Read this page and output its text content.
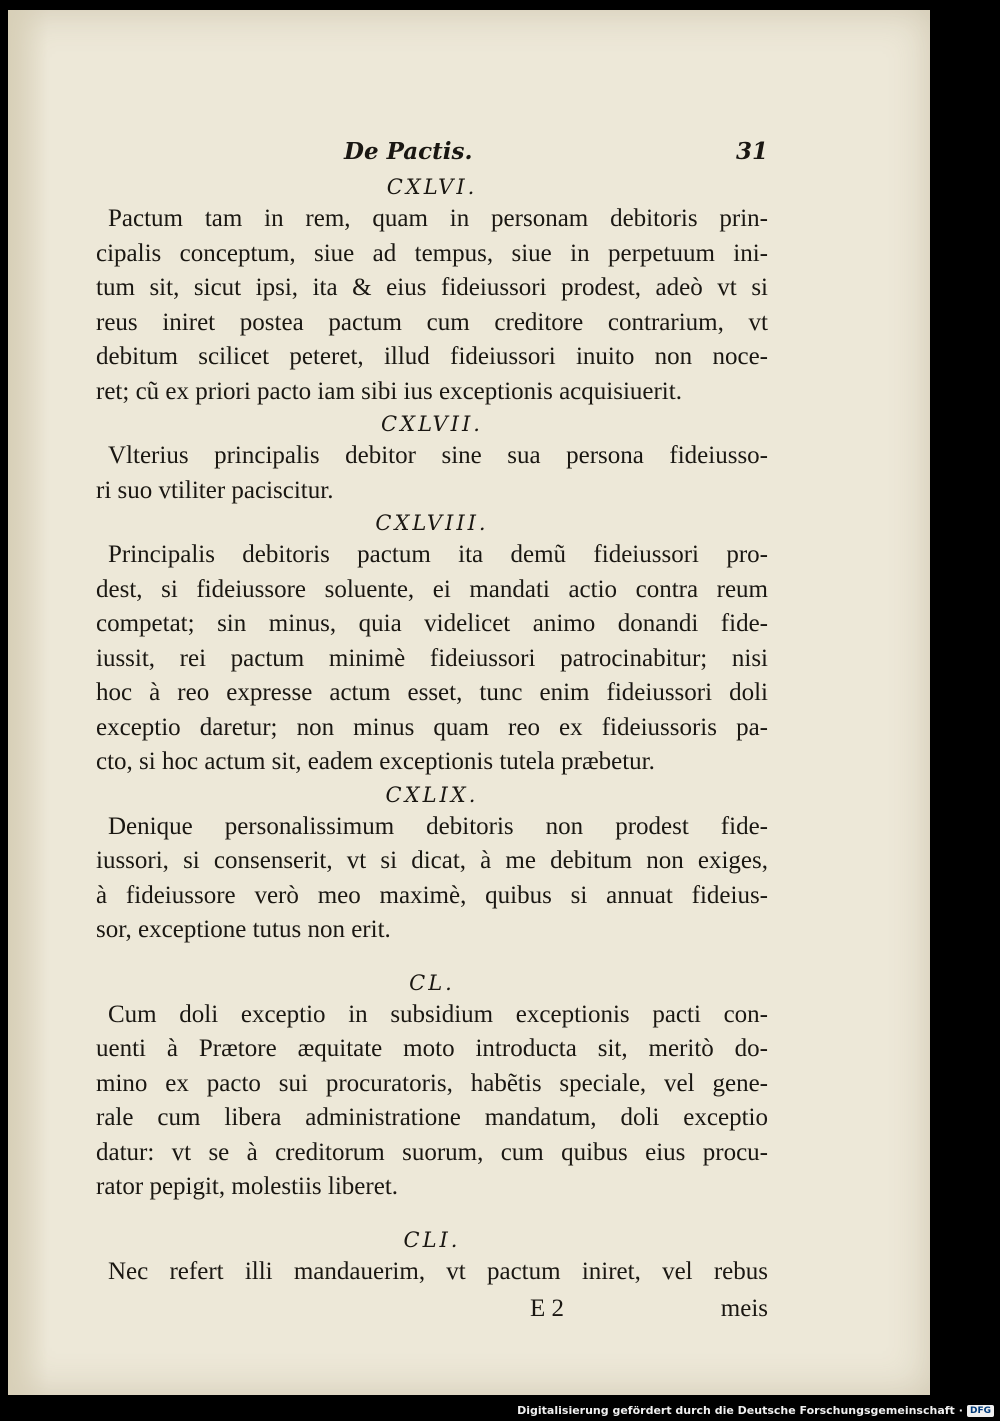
De Pactis.	31

CXLVI.

Pactum tam in rem, quam in personam debitoris prin-
cipalis conceptum, siue ad tempus, siue in perpetuum ini-
tum sit, sicut ipsi, ita & eius fideiussori prodest, adeò vt si
reus iniret postea pactum cum creditore contrarium, vt
debitum scilicet peteret, illud fideiussori inuito non noce-
ret; cũ ex priori pacto iam sibi ius exceptionis acquisiuerit.

CXLVII.

Vlterius principalis debitor sine sua persona fideiusso-
ri suo vtiliter paciscitur.

CXLVIII.

Principalis debitoris pactum ita demũ fideiussori pro-
dest, si fideiussore soluente, ei mandati actio contra reum
competat; sin minus, quia videlicet animo donandi fide-
iussit, rei pactum minimè fideiussori patrocinabitur; nisi
hoc à reo expresse actum esset, tunc enim fideiussori doli
exceptio daretur; non minus quam reo ex fideiussoris pa-
cto, si hoc actum sit, eadem exceptionis tutela præbetur.

CXLIX.

Denique personalissimum debitoris non prodest fide-
iussori, si consenserit, vt si dicat, à me debitum non exiges,
à fideiussore verò meo maximè, quibus si annuat fideius-
sor, exceptione tutus non erit.

CL.

Cum doli exceptio in subsidium exceptionis pacti con-
uenti à Prætore æquitate moto introducta sit, meritò do-
mino ex pacto sui procuratoris, habẽtis speciale, vel gene-
rale cum libera administratione mandatum, doli exceptio
datur: vt se à creditorum suorum, cum quibus eius procu-
rator pepigit, molestiis liberet.

CLI.

Nec refert illi mandauerim, vt pactum iniret, vel rebus

E 2	meis
Digitalisierung gefördert durch die Deutsche Forschungsgemeinschaft · DFG
